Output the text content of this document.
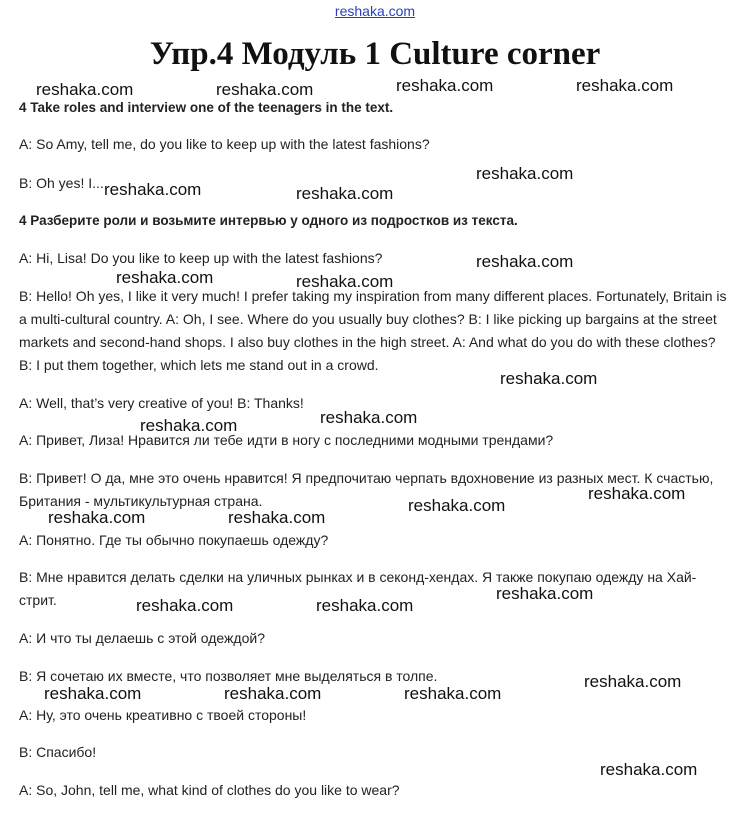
reshaka.com
Упр.4 Модуль 1 Culture corner
4 Take roles and interview one of the teenagers in the text.
A: So Amy, tell me, do you like to keep up with the latest fashions?
B: Oh yes! I...
4 Разберите роли и возьмите интервью у одного из подростков из текста.
A: Hi, Lisa! Do you like to keep up with the latest fashions?
B: Hello! Oh yes, I like it very much! I prefer taking my inspiration from many different places. Fortunately, Britain is a multi-cultural country. A: Oh, I see. Where do you usually buy clothes? B: I like picking up bargains at the street markets and second-hand shops. I also buy clothes in the high street. A: And what do you do with these clothes? B: I put them together, which lets me stand out in a crowd.
A: Well, that’s very creative of you! B: Thanks!
A: Привет, Лиза! Нравится ли тебе идти в ногу с последними модными трендами?
B: Привет! О да, мне это очень нравится! Я предпочитаю черпать вдохновение из разных мест. К счастью, Британия - мультикультурная страна.
A: Понятно. Где ты обычно покупаешь одежду?
B: Мне нравится делать сделки на уличных рынках и в секонд-хендах. Я также покупаю одежду на Хай-стрит.
A: И что ты делаешь с этой одеждой?
B: Я сочетаю их вместе, что позволяет мне выделяться в толпе.
A: Ну, это очень креативно с твоей стороны!
B: Спасибо!
A: So, John, tell me, what kind of clothes do you like to wear?
reshaka.com	reshaka.com	reshaka.com	reshaka.com
reshaka.com	reshaka.com
reshaka.com
reshaka.com	reshaka.com
reshaka.com
reshaka.com
reshaka.com
reshaka.com
reshaka.com
reshaka.com
reshaka.com	reshaka.com
reshaka.com
reshaka.com	reshaka.com
reshaka.com
reshaka.com	reshaka.com	reshaka.com
reshaka.com
